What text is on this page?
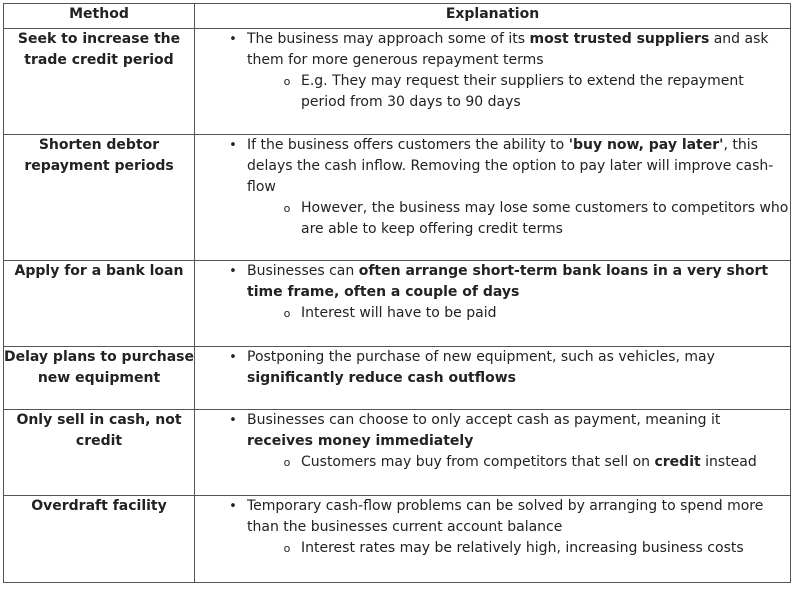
Method	Explanation
Seek to increase the trade credit period	• The business may approach some of its most trusted suppliers and ask them for more generous repayment terms
o E.g. They may request their suppliers to extend the repayment period from 30 days to 90 days

Shorten debtor repayment periods	• If the business offers customers the ability to 'buy now, pay later', this delays the cash inflow. Removing the option to pay later will improve cash-flow
o However, the business may lose some customers to competitors who are able to keep offering credit terms

Apply for a bank loan	• Businesses can often arrange short-term bank loans in a very short time frame, often a couple of days
o Interest will have to be paid

Delay plans to purchase new equipment	• Postponing the purchase of new equipment, such as vehicles, may significantly reduce cash outflows

Only sell in cash, not credit	• Businesses can choose to only accept cash as payment, meaning it receives money immediately
o Customers may buy from competitors that sell on credit instead

Overdraft facility	• Temporary cash-flow problems can be solved by arranging to spend more than the businesses current account balance
o Interest rates may be relatively high, increasing business costs
